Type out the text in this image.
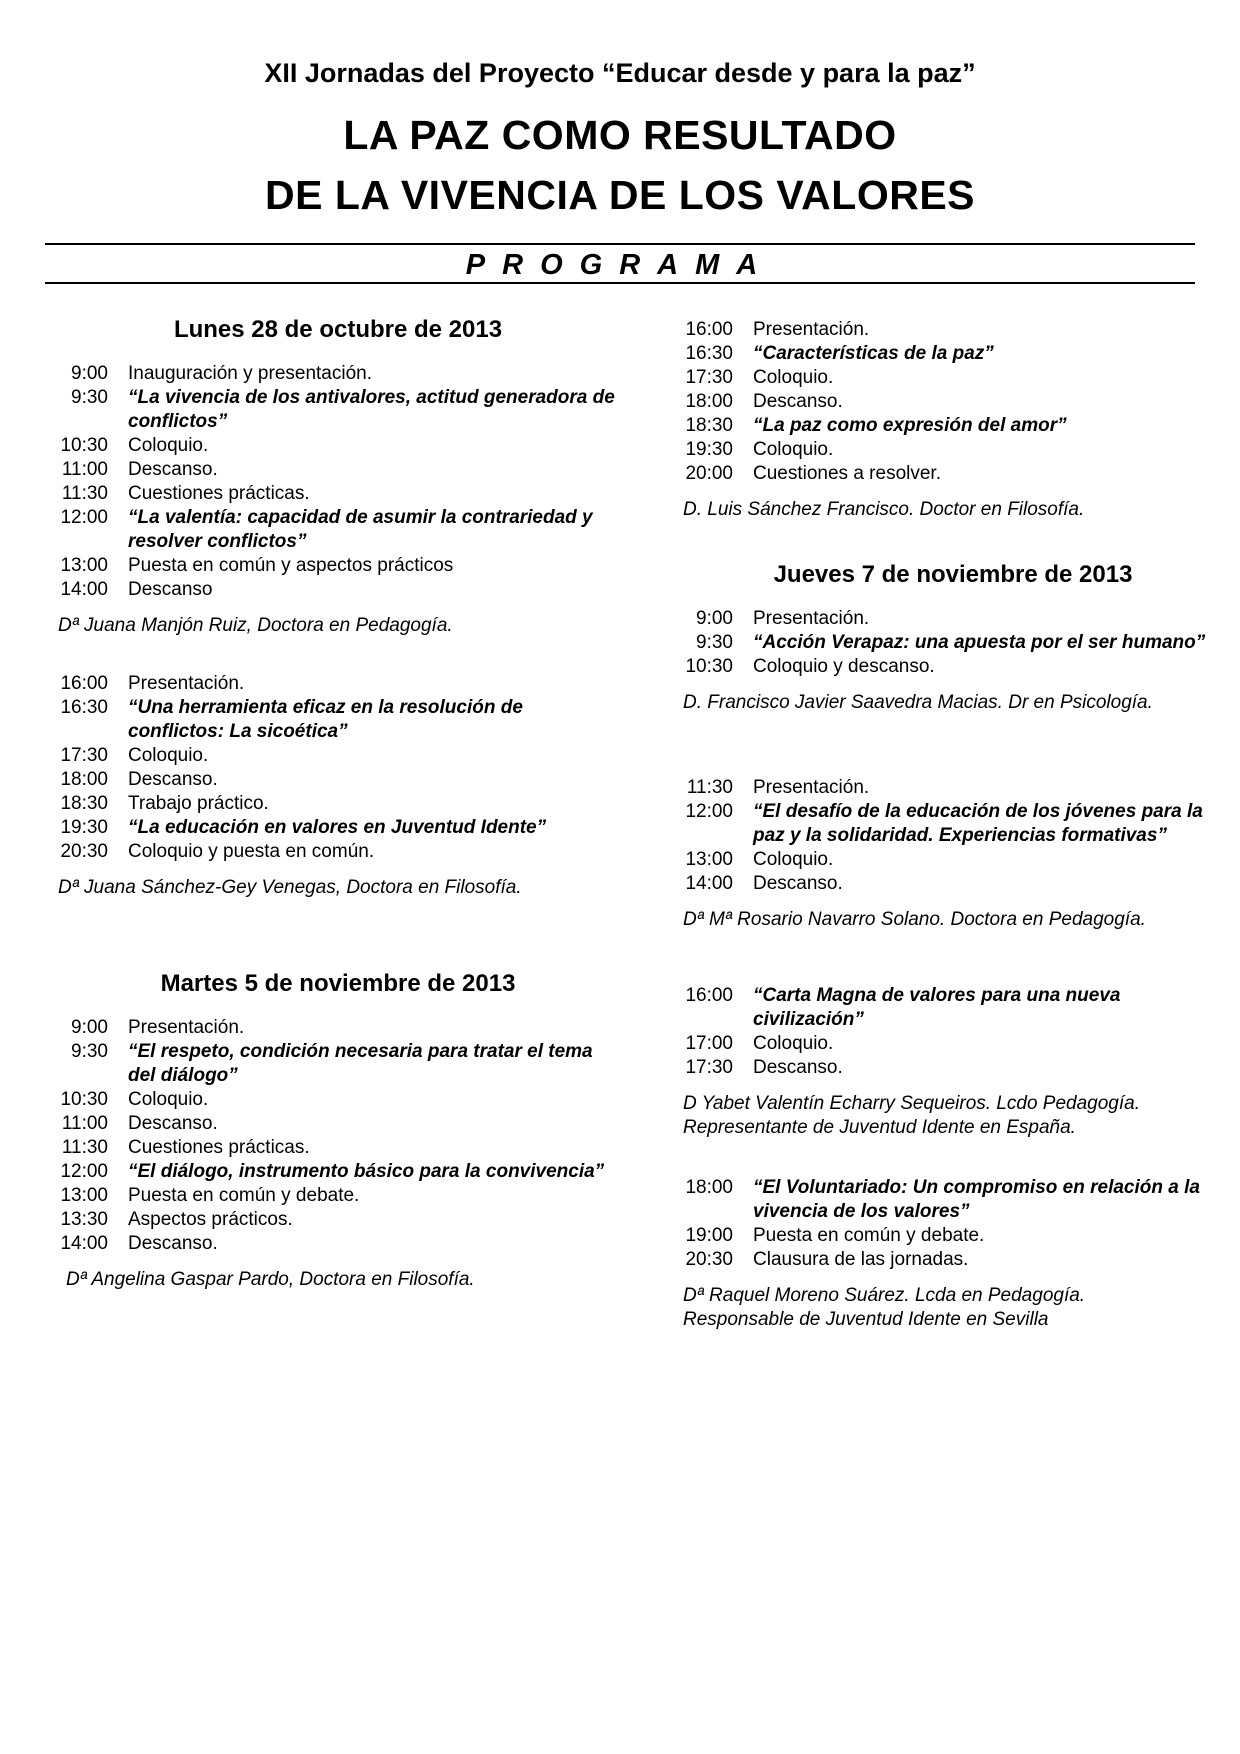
XII Jornadas del Proyecto “Educar desde y para la paz”
LA PAZ COMO RESULTADO
DE LA VIVENCIA DE LOS VALORES
PROGRAMA
Lunes 28 de octubre de 2013
9:00	Inauguración y presentación.
9:30	“La vivencia de los antivalores, actitud generadora de conflictos”
10:30	Coloquio.
11:00	Descanso.
11:30	Cuestiones prácticas.
12:00	“La valentía: capacidad de asumir la contrariedad y resolver conflictos”
13:00	Puesta en común y aspectos prácticos
14:00	Descanso
Dª Juana Manjón Ruiz, Doctora en Pedagogía.
16:00	Presentación.
16:30	“Una herramienta eficaz en la resolución de conflictos: La sicoética”
17:30	Coloquio.
18:00	Descanso.
18:30	Trabajo práctico.
19:30	“La educación en valores en Juventud Idente”
20:30	Coloquio y puesta en común.
Dª Juana Sánchez-Gey Venegas, Doctora en Filosofía.
Martes 5 de noviembre de 2013
9:00	Presentación.
9:30	“El respeto, condición necesaria para tratar el tema del diálogo”
10:30	Coloquio.
11:00	Descanso.
11:30	Cuestiones prácticas.
12:00	“El diálogo, instrumento básico para la convivencia”
13:00	Puesta en común y debate.
13:30	Aspectos prácticos.
14:00	Descanso.
Dª Angelina Gaspar Pardo, Doctora en Filosofía.
16:00	Presentación.
16:30	“Características de la paz”
17:30	Coloquio.
18:00	Descanso.
18:30	“La paz como expresión del amor”
19:30	Coloquio.
20:00	Cuestiones a resolver.
D. Luis Sánchez Francisco. Doctor en Filosofía.
Jueves 7 de noviembre de 2013
9:00	Presentación.
9:30	“Acción Verapaz: una apuesta por el ser humano”
10:30	Coloquio y descanso.
D. Francisco Javier Saavedra Macias. Dr en Psicología.
11:30	Presentación.
12:00	“El desafío de la educación de los jóvenes para la paz y la solidaridad. Experiencias formativas”
13:00	Coloquio.
14:00	Descanso.
Dª Mª Rosario Navarro Solano. Doctora en Pedagogía.
16:00	“Carta Magna de valores para una nueva civilización”
17:00	Coloquio.
17:30	Descanso.
D Yabet Valentín Echarry Sequeiros. Lcdo Pedagogía.
Representante de Juventud Idente en España.
18:00	“El Voluntariado: Un compromiso en relación a la vivencia de los valores”
19:00	Puesta en común y debate.
20:30	Clausura de las jornadas.
Dª Raquel Moreno Suárez. Lcda en Pedagogía.
Responsable de Juventud Idente en Sevilla
